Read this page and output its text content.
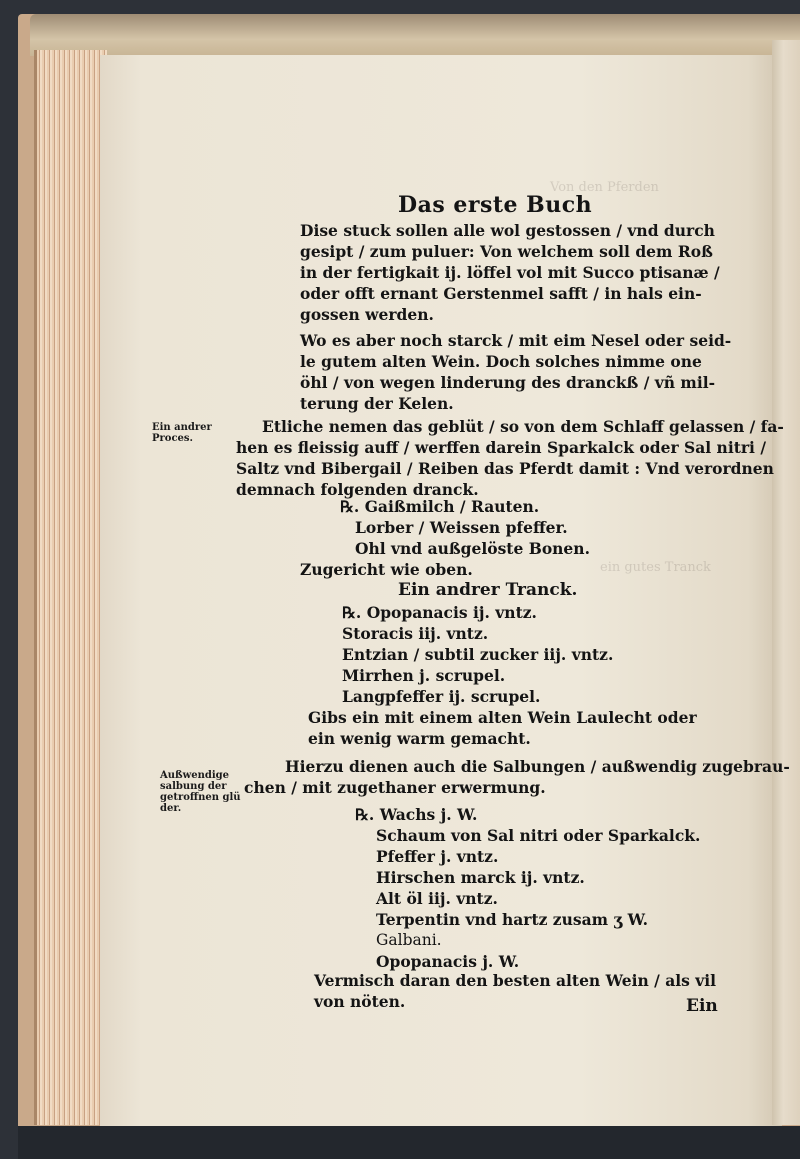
Von den Pferden
ein gutes Tranck
Das erste Buch
Dise stuck sollen alle wol gestossen / vnd durch
gesipt / zum puluer: Von welchem soll dem Roß
in der fertigkait ij. löffel vol mit Succo ptisanæ /
oder offt ernant Gerstenmel safft / in hals ein-
gossen werden.
Wo es aber noch starck / mit eim Nesel oder seid-
le gutem alten Wein. Doch solches nimme one
öhl / von wegen linderung des dranckß / vñ mil-
terung der Kelen.
Ein andrer
Proces.
Etliche nemen das geblüt / so von dem Schlaff gelassen / fa-
hen es fleissig auff / werffen darein Sparkalck oder Sal nitri /
Saltz vnd Bibergail / Reiben das Pferdt damit : Vnd verordnen
demnach folgenden dranck.
℞. Gaißmilch / Rauten.
Lorber / Weissen pfeffer.
Ohl vnd außgelöste Bonen.
Zugericht wie oben.
Ein andrer Tranck.
℞. Opopanacis ij. vntz.
Storacis iij. vntz.
Entzian / subtil zucker iij. vntz.
Mirrhen j. scrupel.
Langpfeffer ij. scrupel.
Gibs ein mit einem alten Wein Laulecht oder
ein wenig warm gemacht.
Außwendige
salbung der
getroffnen glü
der.
Hierzu dienen auch die Salbungen / außwendig zugebrau-
chen / mit zugethaner erwermung.
℞. Wachs j. W.
Schaum von Sal nitri oder Sparkalck.
Pfeffer j. vntz.
Hirschen marck ij. vntz.
Alt öl iij. vntz.
Terpentin vnd hartz zusam ʒ W.
Galbani.
Opopanacis j. W.
Vermisch daran den besten alten Wein / als vil
von nöten.	Ein
